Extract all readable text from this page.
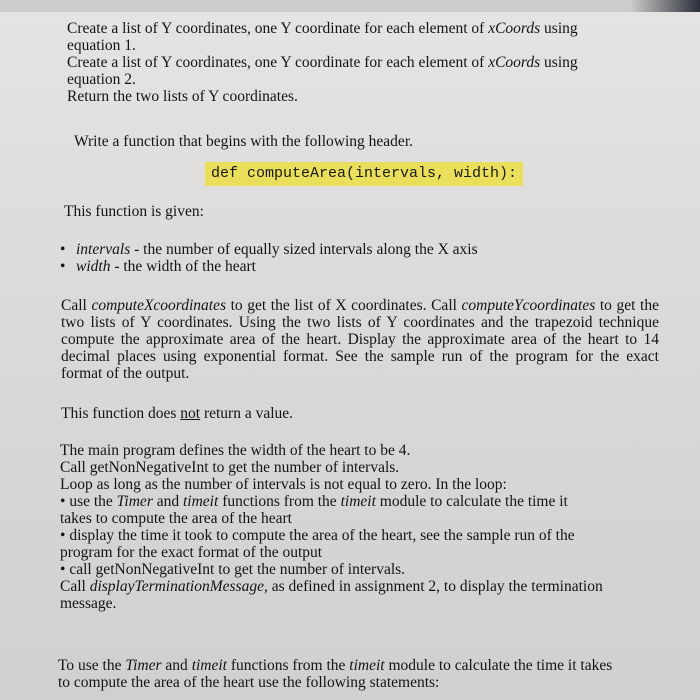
Create a list of Y coordinates, one Y coordinate for each element of xCoords using

equation 1.

Create a list of Y coordinates, one Y coordinate for each element of xCoords using

equation 2.

Return the two lists of Y coordinates.

Write a function that begins with the following header.
def computeArea(intervals, width):
This function is given:
• intervals - the number of equally sized intervals along the X axis
• width - the width of the heart

Call computeXcoordinates to get the list of X coordinates. Call computeYcoordinates to get the two lists of Y coordinates. Using the two lists of Y coordinates and the trapezoid technique compute the approximate area of the heart. Display the approximate area of the heart to 14 decimal places using exponential format. See the sample run of the program for the exact format of the output.

This function does not return a value.

The main program defines the width of the heart to be 4.

Call getNonNegativeInt to get the number of intervals.

Loop as long as the number of intervals is not equal to zero. In the loop:

• use the Timer and timeit functions from the timeit module to calculate the time it

takes to compute the area of the heart

• display the time it took to compute the area of the heart, see the sample run of the

program for the exact format of the output

• call getNonNegativeInt to get the number of intervals.

Call displayTerminationMessage, as defined in assignment 2, to display the termination

message.

To use the Timer and timeit functions from the timeit module to calculate the time it takes

to compute the area of the heart use the following statements:
